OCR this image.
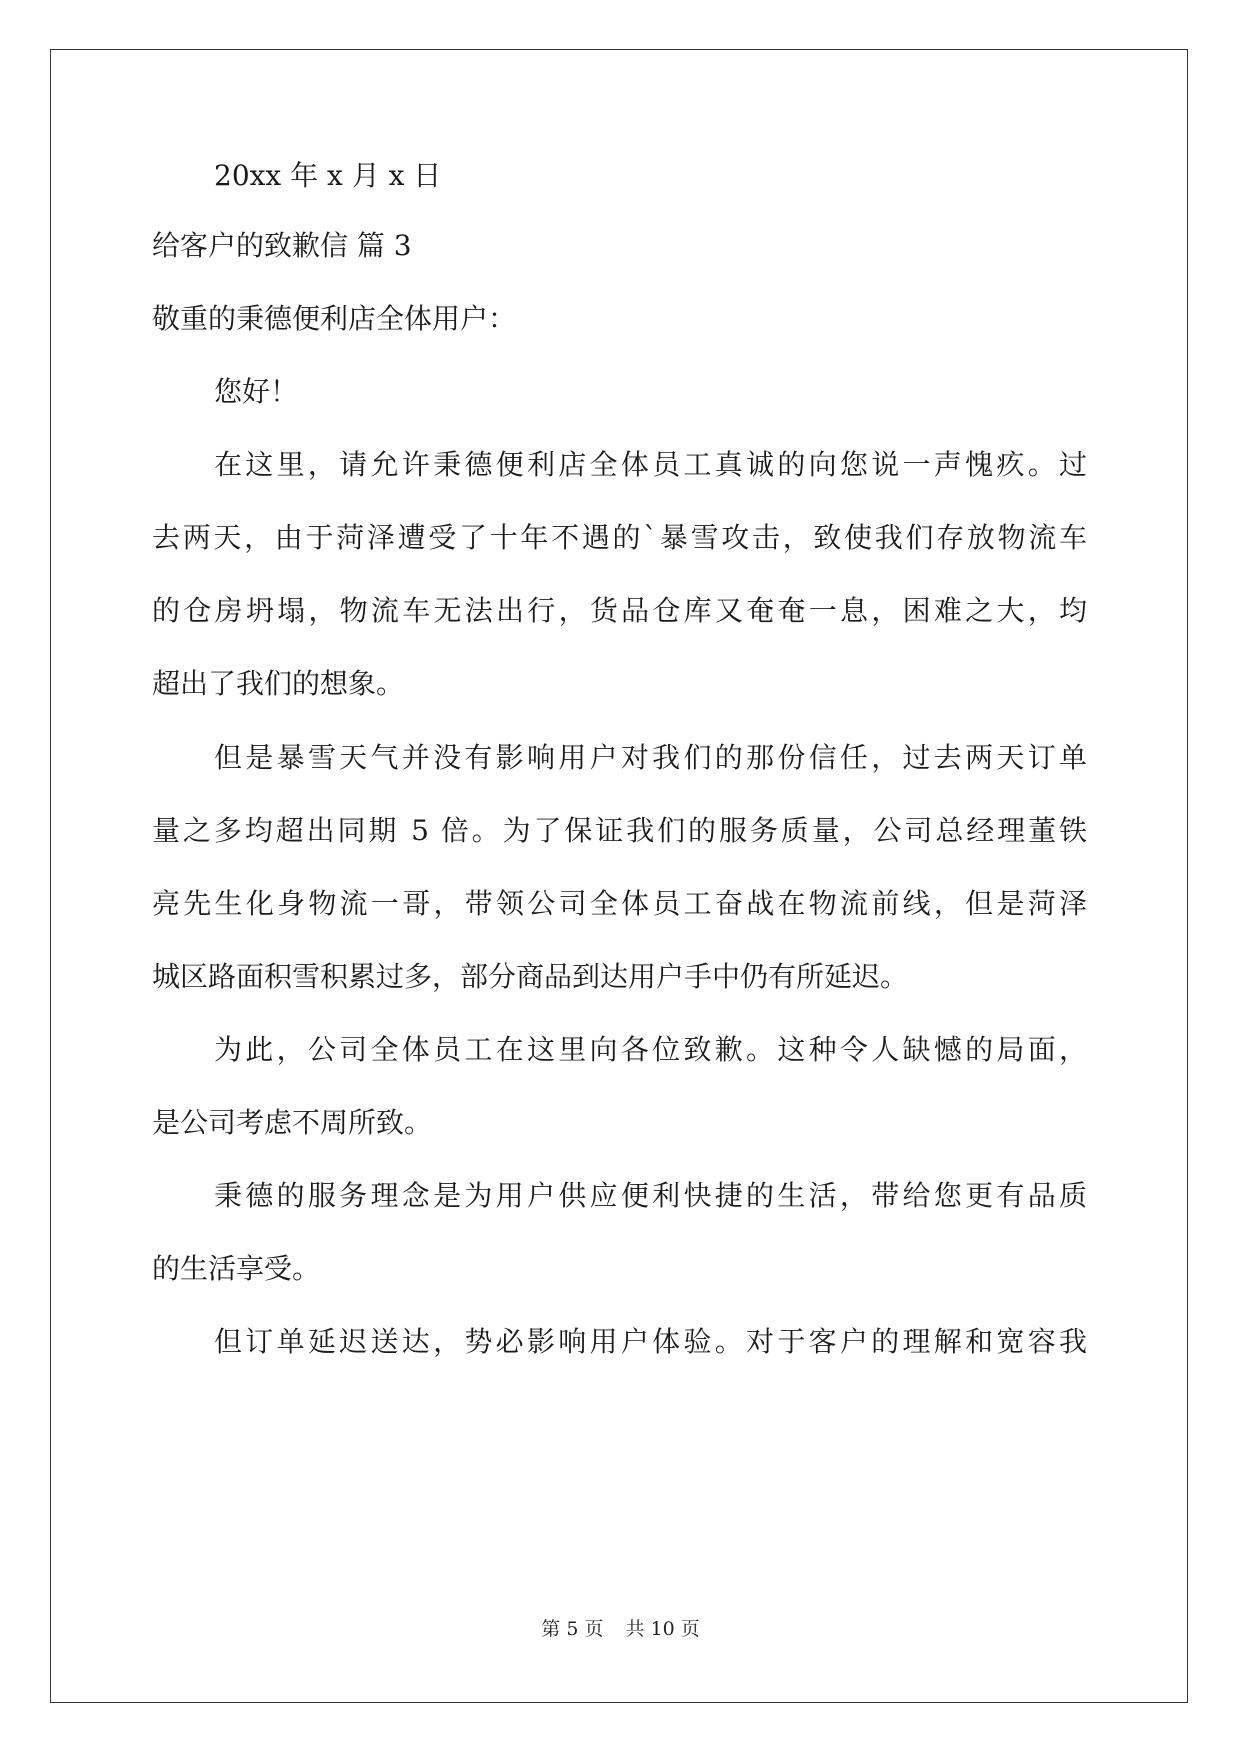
20xx 年 x 月 x 日
给客户的致歉信 篇 3
敬重的秉德便利店全体用户：
您好！
在这里，请允许秉德便利店全体员工真诚的向您说一声愧疚。过
去两天，由于菏泽遭受了十年不遇的`暴雪攻击，致使我们存放物流车
的仓房坍塌，物流车无法出行，货品仓库又奄奄一息，困难之大，均
超出了我们的想象。
但是暴雪天气并没有影响用户对我们的那份信任，过去两天订单
量之多均超出同期 5 倍。为了保证我们的服务质量，公司总经理董铁
亮先生化身物流一哥，带领公司全体员工奋战在物流前线，但是菏泽
城区路面积雪积累过多，部分商品到达用户手中仍有所延迟。
为此，公司全体员工在这里向各位致歉。这种令人缺憾的局面，
是公司考虑不周所致。
秉德的服务理念是为用户供应便利快捷的生活，带给您更有品质
的生活享受。
但订单延迟送达，势必影响用户体验。对于客户的理解和宽容我
第 5 页 共 10 页
